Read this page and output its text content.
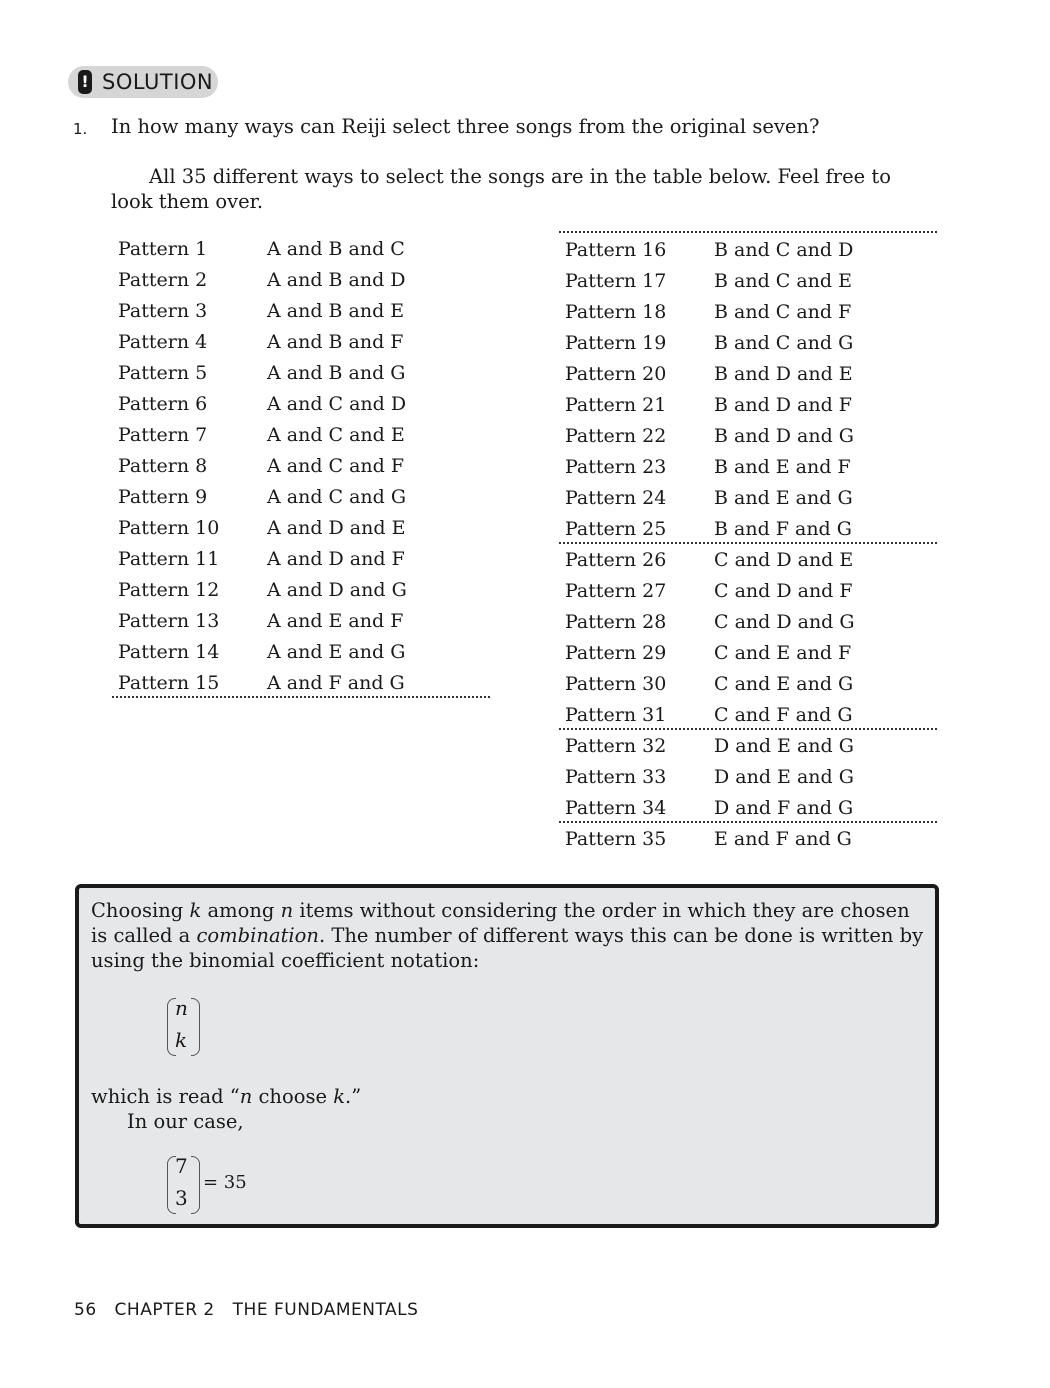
! SOLUTION
1. In how many ways can Reiji select three songs from the original seven?

All 35 different ways to select the songs are in the table below. Feel free to look them over.

Pattern 1	A and B and C
Pattern 2	A and B and D
Pattern 3	A and B and E
Pattern 4	A and B and F
Pattern 5	A and B and G
Pattern 6	A and C and D
Pattern 7	A and C and E
Pattern 8	A and C and F
Pattern 9	A and C and G
Pattern 10	A and D and E
Pattern 11	A and D and F
Pattern 12	A and D and G
Pattern 13	A and E and F
Pattern 14	A and E and G
Pattern 15	A and F and G
Pattern 16	B and C and D
Pattern 17	B and C and E
Pattern 18	B and C and F
Pattern 19	B and C and G
Pattern 20	B and D and E
Pattern 21	B and D and F
Pattern 22	B and D and G
Pattern 23	B and E and F
Pattern 24	B and E and G
Pattern 25	B and F and G
Pattern 26	C and D and E
Pattern 27	C and D and F
Pattern 28	C and D and G
Pattern 29	C and E and F
Pattern 30	C and E and G
Pattern 31	C and F and G
Pattern 32	D and E and G
Pattern 33	D and E and G
Pattern 34	D and F and G
Pattern 35	E and F and G

Choosing k among n items without considering the order in which they are chosen is called a combination. The number of different ways this can be done is written by using the binomial coefficient notation:

n
k

which is read “n choose k.”

In our case,

7
3
= 35
56 CHAPTER 2 THE FUNDAMENTALS
